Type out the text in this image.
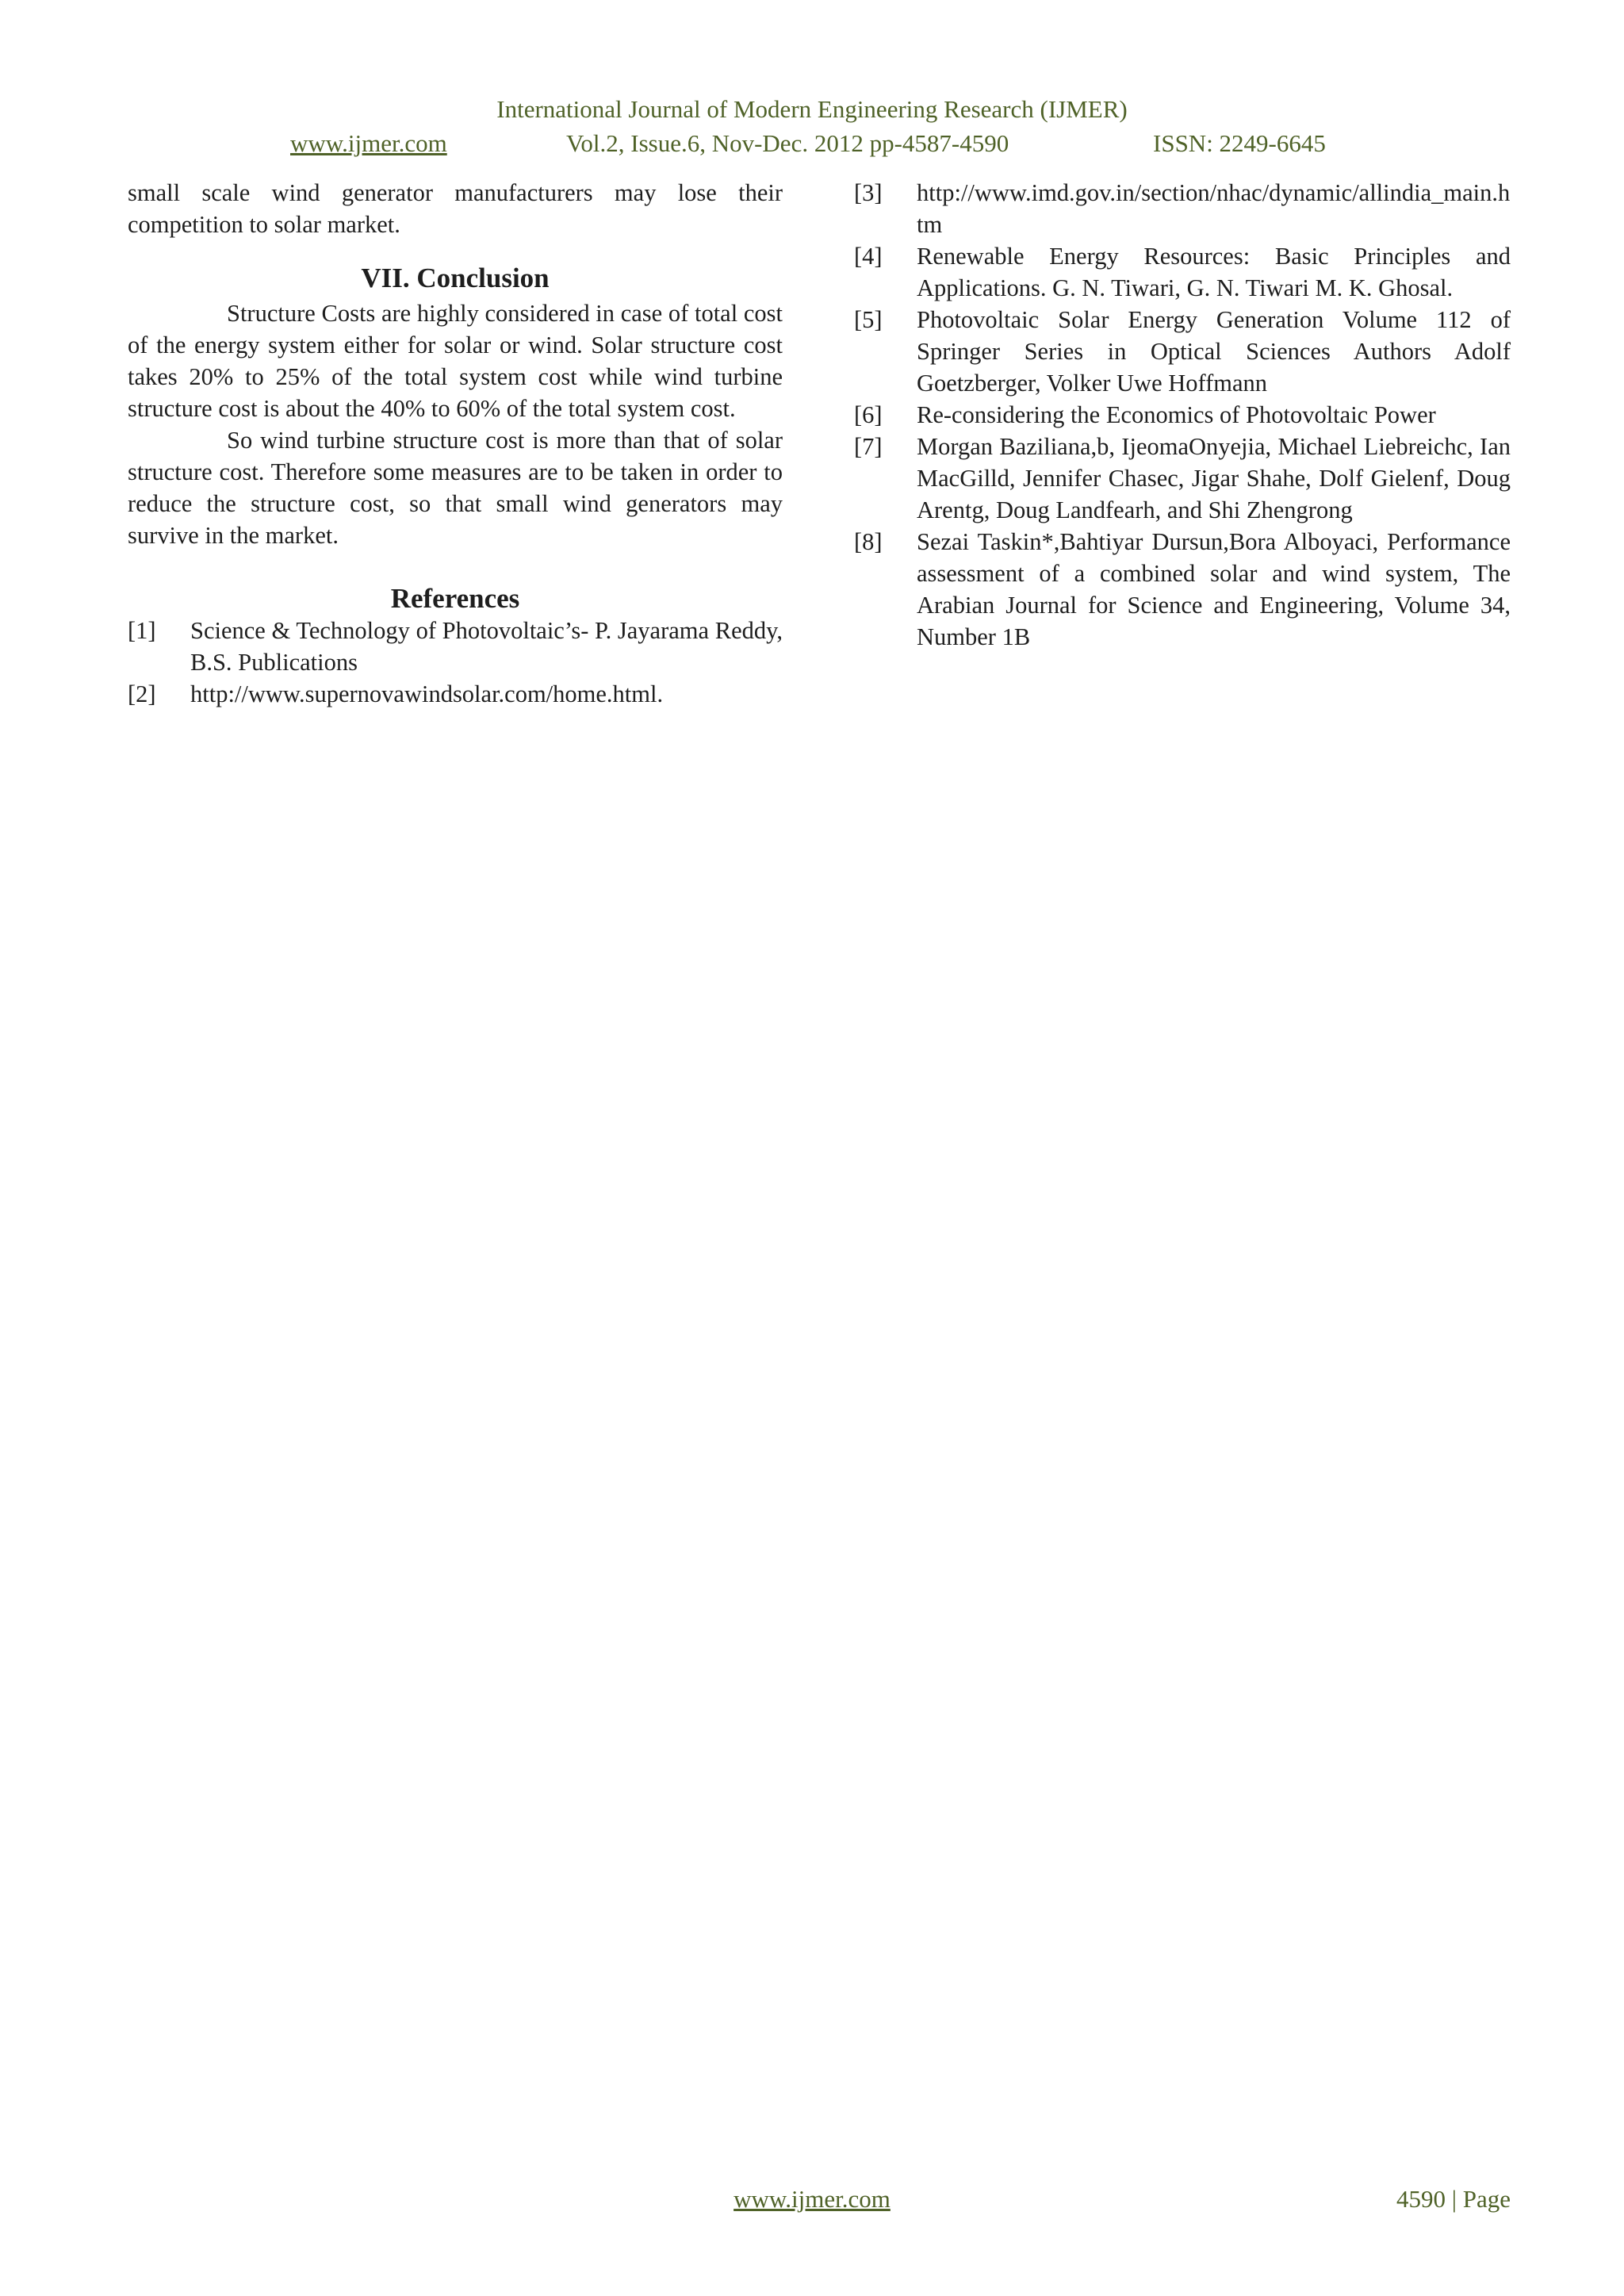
International Journal of Modern Engineering Research (IJMER)
www.ijmer.com	Vol.2, Issue.6, Nov-Dec. 2012 pp-4587-4590	ISSN: 2249-6645

small scale wind generator manufacturers may lose their competition to solar market.

VII. Conclusion

Structure Costs are highly considered in case of total cost of the energy system either for solar or wind. Solar structure cost takes 20% to 25% of the total system cost while wind turbine structure cost is about the 40% to 60% of the total system cost.

So wind turbine structure cost is more than that of solar structure cost. Therefore some measures are to be taken in order to reduce the structure cost, so that small wind generators may survive in the market.

References
[1]	Science & Technology of Photovoltaic’s- P. Jayarama Reddy, B.S. Publications
[2]	http://www.supernovawindsolar.com/home.html.
[3]	http://www.imd.gov.in/section/nhac/dynamic/allindia_main.htm
[4]	Renewable Energy Resources: Basic Principles and Applications. G. N. Tiwari, G. N. Tiwari M. K. Ghosal.
[5]	Photovoltaic Solar Energy Generation Volume 112 of Springer Series in Optical Sciences Authors Adolf Goetzberger, Volker Uwe Hoffmann
[6]	Re-considering the Economics of Photovoltaic Power
[7]	Morgan Baziliana,b, IjeomaOnyejia, Michael Liebreichc, Ian MacGilld, Jennifer Chasec, Jigar Shahe, Dolf Gielenf, Doug Arentg, Doug Landfearh, and Shi Zhengrong
[8]	Sezai Taskin*,Bahtiyar Dursun,Bora Alboyaci, Performance assessment of a combined solar and wind system, The Arabian Journal for Science and Engineering, Volume 34, Number 1B
www.ijmer.com	4590 | Page
